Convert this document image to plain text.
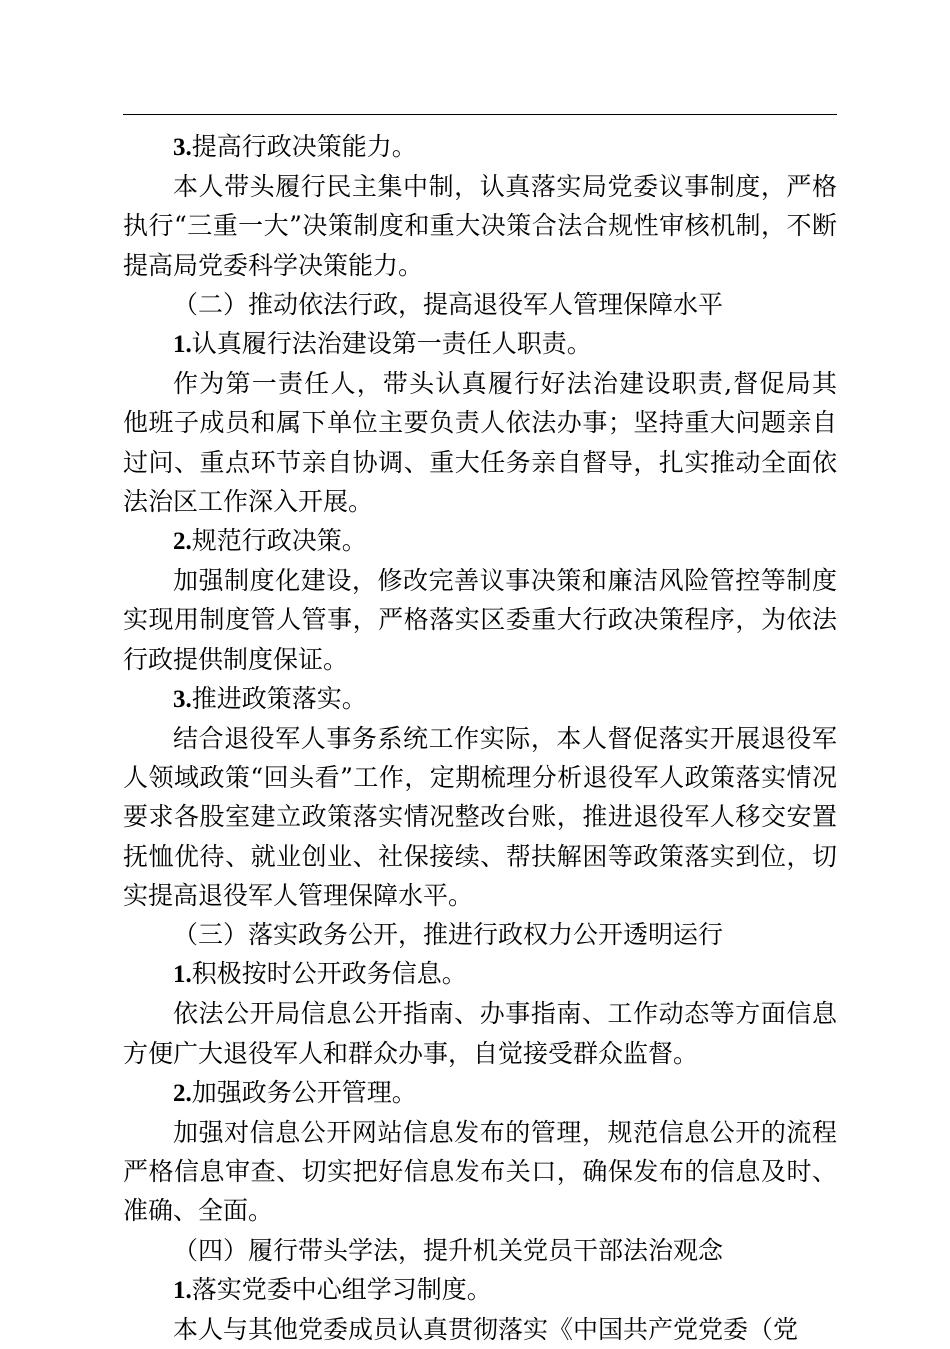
3.提高行政决策能力。
本人带头履行民主集中制，认真落实局党委议事制度，严格
执行“三重一大”决策制度和重大决策合法合规性审核机制，不断
提高局党委科学决策能力。
（二）推动依法行政，提高退役军人管理保障水平
1.认真履行法治建设第一责任人职责。
作为第一责任人，带头认真履行好法治建设职责,督促局其
他班子成员和属下单位主要负责人依法办事；坚持重大问题亲自
过问、重点环节亲自协调、重大任务亲自督导，扎实推动全面依
法治区工作深入开展。
2.规范行政决策。
加强制度化建设，修改完善议事决策和廉洁风险管控等制度
实现用制度管人管事，严格落实区委重大行政决策程序，为依法
行政提供制度保证。
3.推进政策落实。
结合退役军人事务系统工作实际，本人督促落实开展退役军
人领域政策“回头看”工作，定期梳理分析退役军人政策落实情况
要求各股室建立政策落实情况整改台账，推进退役军人移交安置
抚恤优待、就业创业、社保接续、帮扶解困等政策落实到位，切
实提高退役军人管理保障水平。
（三）落实政务公开，推进行政权力公开透明运行
1.积极按时公开政务信息。
依法公开局信息公开指南、办事指南、工作动态等方面信息
方便广大退役军人和群众办事，自觉接受群众监督。
2.加强政务公开管理。
加强对信息公开网站信息发布的管理，规范信息公开的流程
严格信息审查、切实把好信息发布关口，确保发布的信息及时、
准确、全面。
（四）履行带头学法，提升机关党员干部法治观念
1.落实党委中心组学习制度。
本人与其他党委成员认真贯彻落实《中国共产党党委（党
